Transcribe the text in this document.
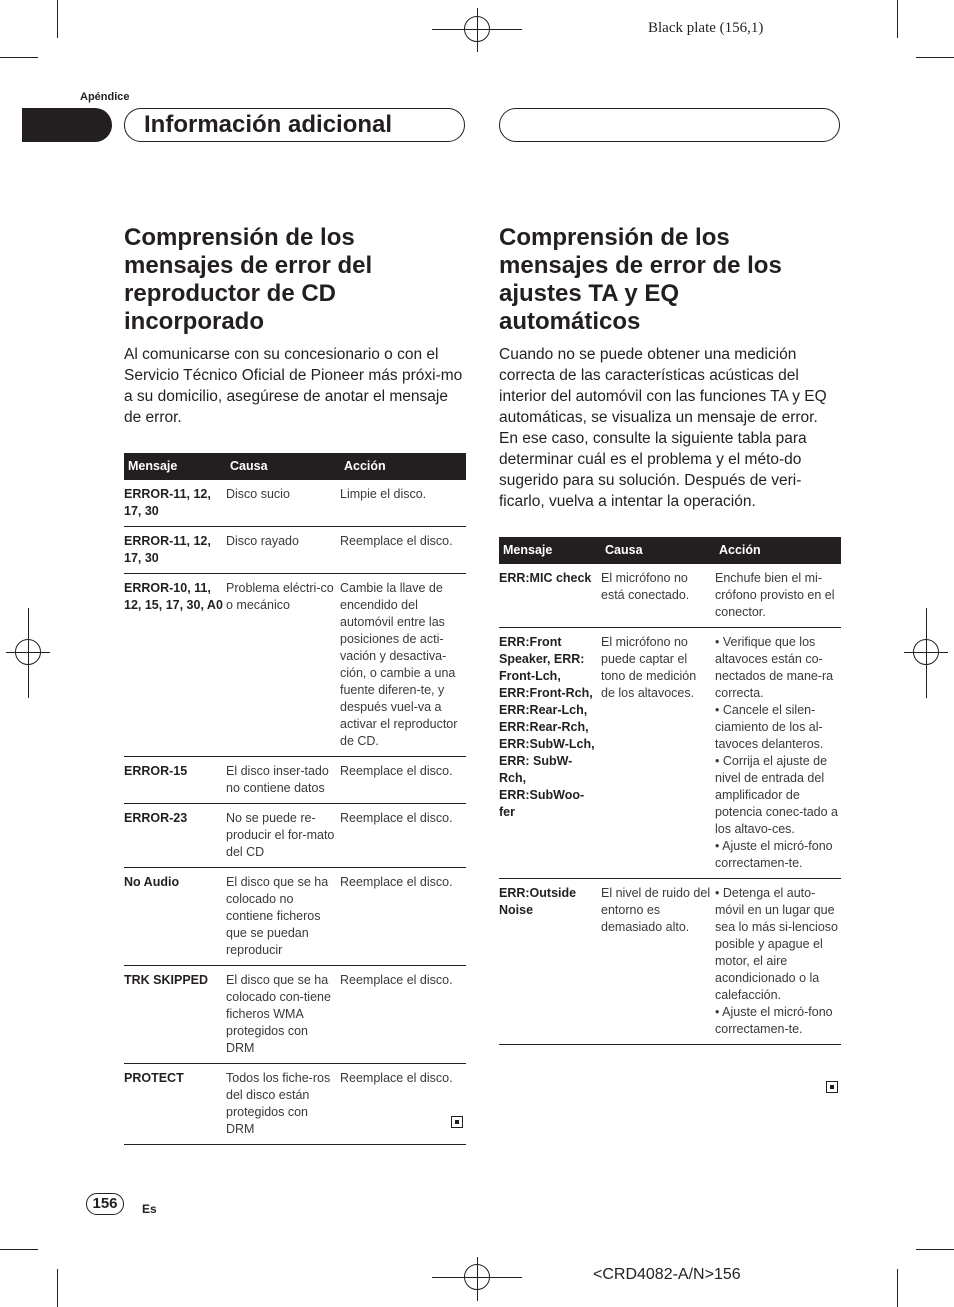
Black plate (156,1)
Apéndice
Información adicional
Comprensión de los
mensajes de error del
reproductor de CD
incorporado

Al comunicarse con su concesionario o con el Servicio Técnico Oficial de Pioneer más próxi-mo a su domicilio, asegúrese de anotar el mensaje de error.

Mensaje	Causa	Acción
ERROR-11, 12, 17, 30	Disco sucio	Limpie el disco.
ERROR-11, 12, 17, 30	Disco rayado	Reemplace el disco.
ERROR-10, 11, 12, 15, 17, 30, A0	Problema eléctri-co o mecánico	Cambie la llave de encendido del automóvil entre las posiciones de acti-vación y desactiva-ción, o cambie a una fuente diferen-te, y después vuel-va a activar el reproductor de CD.
ERROR-15	El disco inser-tado no contiene datos	Reemplace el disco.
ERROR-23	No se puede re-producir el for-mato del CD	Reemplace el disco.
No Audio	El disco que se ha colocado no contiene ficheros que se puedan reproducir	Reemplace el disco.
TRK SKIPPED	El disco que se ha colocado con-tiene ficheros WMA protegidos con DRM	Reemplace el disco.
PROTECT	Todos los fiche-ros del disco están protegidos con DRM	Reemplace el disco.
Comprensión de los
mensajes de error de los
ajustes TA y EQ
automáticos

Cuando no se puede obtener una medición correcta de las características acústicas del interior del automóvil con las funciones TA y EQ automáticas, se visualiza un mensaje de error. En ese caso, consulte la siguiente tabla para determinar cuál es el problema y el méto-do sugerido para su solución. Después de veri-ficarlo, vuelva a intentar la operación.

Mensaje	Causa	Acción
ERR:MIC check	El micrófono no está conectado.	Enchufe bien el mi-crófono provisto en el conector.
ERR:Front Speaker, ERR: Front-Lch, ERR:Front-Rch, ERR:Rear-Lch, ERR:Rear-Rch, ERR:SubW-Lch, ERR: SubW-Rch, ERR:SubWoo-fer	El micrófono no puede captar el tono de medición de los altavoces.	• Verifique que los altavoces están co-nectados de mane-ra correcta.
• Cancele el silen-ciamiento de los al-tavoces delanteros.
• Corrija el ajuste de nivel de entrada del amplificador de potencia conec-tado a los altavo-ces.
• Ajuste el micró-fono correctamen-te.
ERR:Outside Noise	El nivel de ruido del entorno es demasiado alto.	• Detenga el auto-móvil en un lugar que sea lo más si-lencioso posible y apague el motor, el aire acondicionado o la calefacción.
• Ajuste el micró-fono correctamen-te.
156	Es
<CRD4082-A/N>156
